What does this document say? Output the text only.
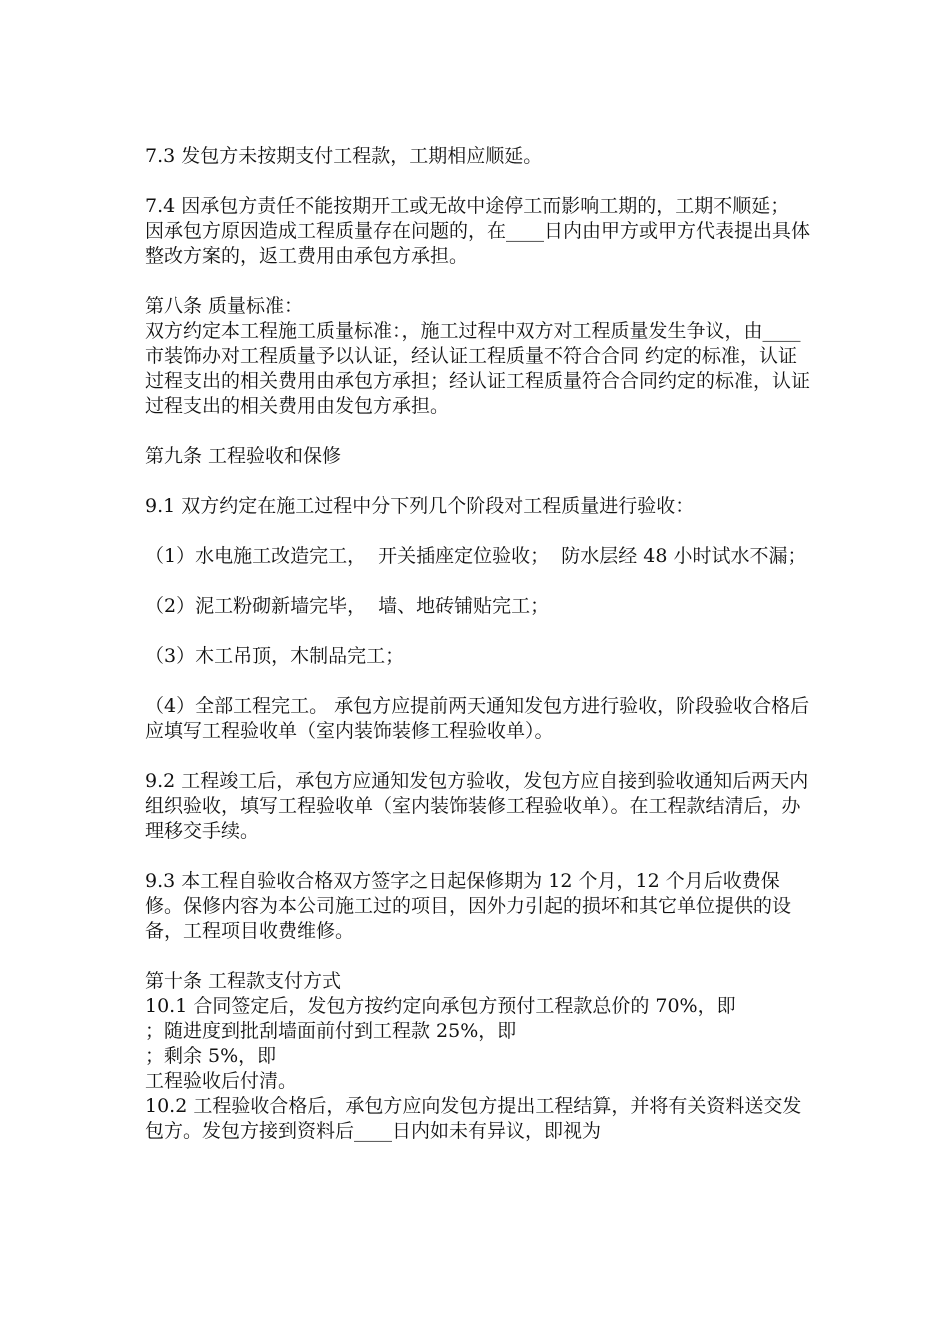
7.3 发包方未按期支付工程款，工期相应顺延。

7.4 因承包方责任不能按期开工或无故中途停工而影响工期的，工期不顺延；  因承包方原因造成工程质量存在问题的，在____日内由甲方或甲方代表提出具体整改方案的，返工费用由承包方承担。

第八条 质量标准：

双方约定本工程施工质量标准：，施工过程中双方对工程质量发生争议，由____市装饰办对工程质量予以认证，经认证工程质量不符合合同 约定的标准，认证过程支出的相关费用由承包方承担；经认证工程质量符合合同约定的标准，认证过程支出的相关费用由发包方承担。

第九条 工程验收和保修

9.1 双方约定在施工过程中分下列几个阶段对工程质量进行验收：

（1）水电施工改造完工，  开关插座定位验收；  防水层经 48 小时试水不漏；

（2）泥工粉砌新墙完毕，  墙、地砖铺贴完工；

（3）木工吊顶，木制品完工；

（4）全部工程完工。 承包方应提前两天通知发包方进行验收，阶段验收合格后应填写工程验收单（室内装饰装修工程验收单）。

9.2 工程竣工后，承包方应通知发包方验收，发包方应自接到验收通知后两天内组织验收，填写工程验收单（室内装饰装修工程验收单）。在工程款结清后，办理移交手续。

9.3 本工程自验收合格双方签字之日起保修期为 12 个月，12 个月后收费保修。保修内容为本公司施工过的项目，因外力引起的损坏和其它单位提供的设备，工程项目收费维修。

第十条 工程款支付方式

10.1 合同签定后，发包方按约定向承包方预付工程款总价的 70%，即

；随进度到批刮墙面前付到工程款 25%，即

；剩余 5%，即

工程验收后付清。

10.2 工程验收合格后，承包方应向发包方提出工程结算，并将有关资料送交发包方。发包方接到资料后____日内如未有异议，即视为
